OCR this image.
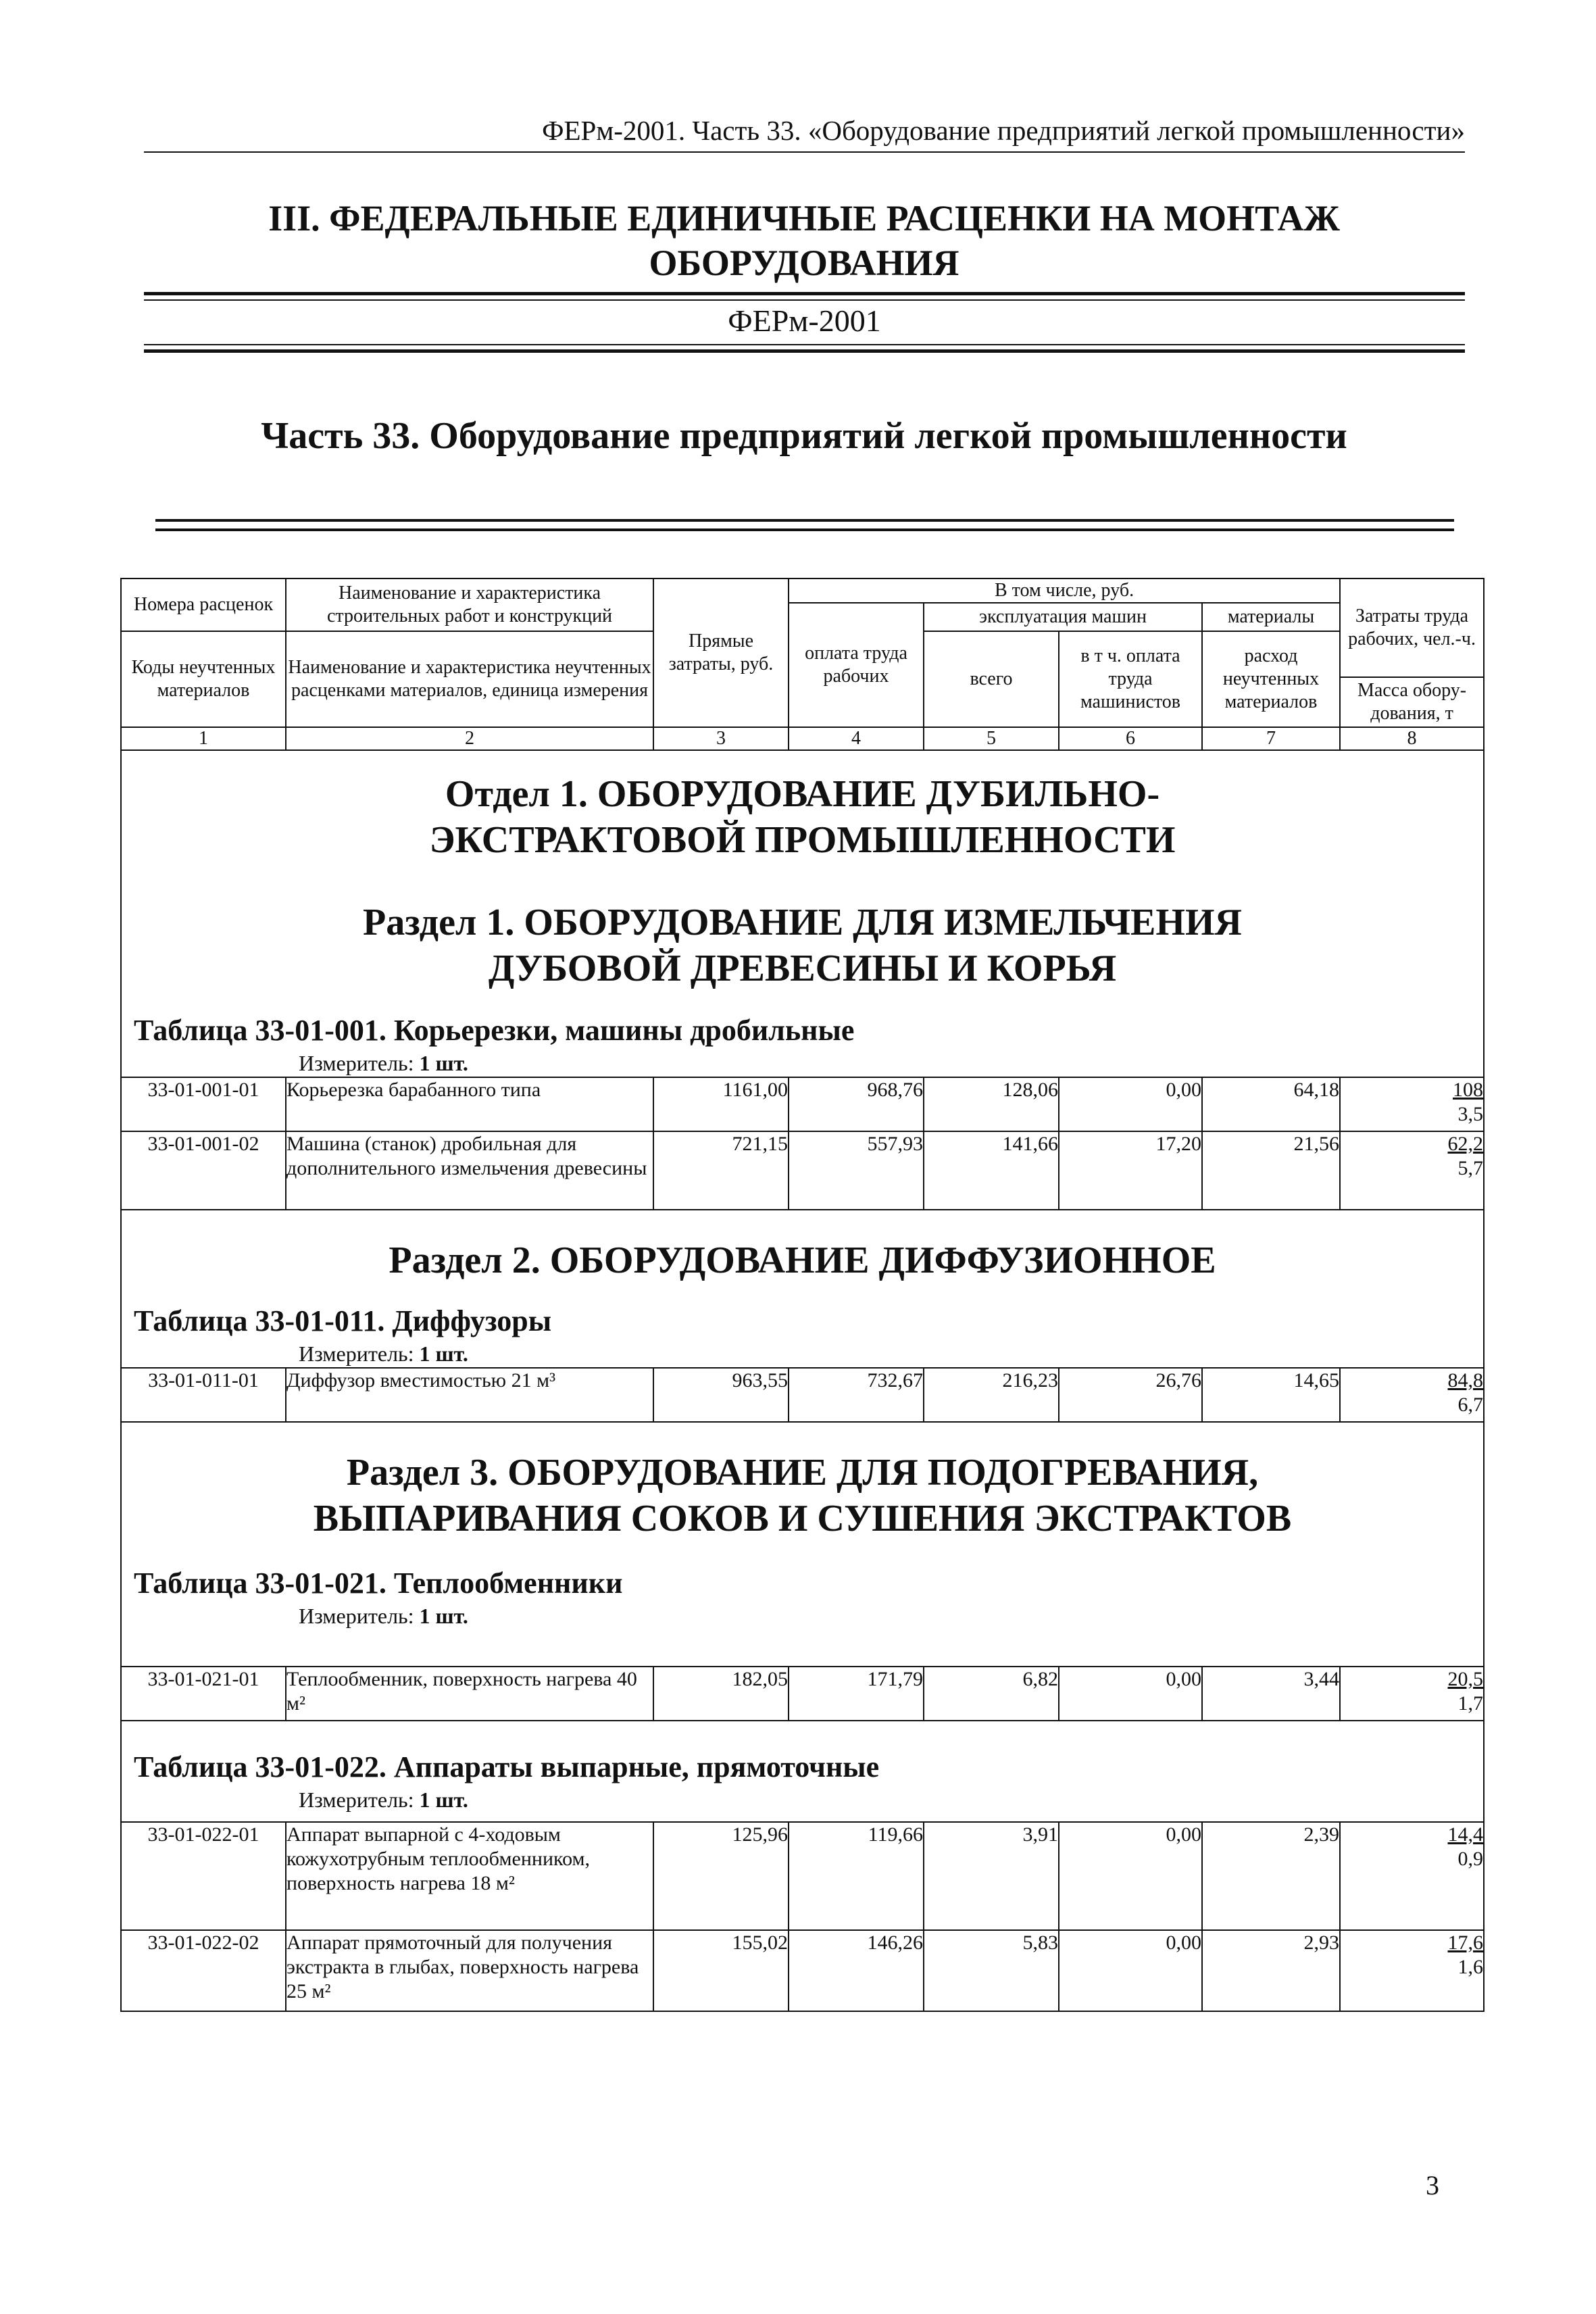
ФЕРм-2001. Часть 33. «Оборудование предприятий легкой промышленности»
III. ФЕДЕРАЛЬНЫЕ ЕДИНИЧНЫЕ РАСЦЕНКИ НА МОНТАЖ ОБОРУДОВАНИЯ
ФЕРм-2001
Часть 33. Оборудование предприятий легкой промышленности
Номера расценок	Наименование и характеристика строительных работ и конструкций	Прямые затраты, руб.	В том числе, руб.				Затраты труда рабочих, чел.-ч.
			оплата труда рабочих	эксплуатация машин		материалы	
Коды неучтенных материалов	Наименование и характеристика неучтенных расценками материалов, единица измерения			всего	в т ч. оплата труда машинистов	расход неучтенных материалов	
							Масса обору-дования, т
1	2	3	4	5	6	7	8

Отдел 1. ОБОРУДОВАНИЕ ДУБИЛЬНО-ЭКСТРАКТОВОЙ ПРОМЫШЛЕННОСТИ							

Раздел 1. ОБОРУДОВАНИЕ ДЛЯ ИЗМЕЛЬЧЕНИЯ ДУБОВОЙ ДРЕВЕСИНЫ И КОРЬЯ							

Таблица 33-01-001. Корьерезки, машины дробильные
Измеритель: 1 шт.							

33-01-001-01	Корьерезка барабанного типа	1161,00	968,76	128,06	0,00	64,18	108
3,5

33-01-001-02	Машина (станок) дробильная для дополнительного измельчения древесины	721,15	557,93	141,66	17,20	21,56	62,2
5,7

Раздел 2. ОБОРУДОВАНИЕ ДИФФУЗИОННОЕ
Таблица 33-01-011. Диффузоры
Измеритель: 1 шт.							

33-01-011-01	Диффузор вместимостью 21 м³	963,55	732,67	216,23	26,76	14,65	84,8
6,7

Раздел 3. ОБОРУДОВАНИЕ ДЛЯ ПОДОГРЕВАНИЯ, ВЫПАРИВАНИЯ СОКОВ И СУШЕНИЯ ЭКСТРАКТОВ
Таблица 33-01-021. Теплообменники
Измеритель: 1 шт.							

33-01-021-01	Теплообменник, поверхность нагрева 40 м²	182,05	171,79	6,82	0,00	3,44	20,5
1,7

Таблица 33-01-022. Аппараты выпарные, прямоточные
Измеритель: 1 шт.							

33-01-022-01	Аппарат выпарной с 4-ходовым кожухотрубным теплообменником, поверхность нагрева 18 м²	125,96	119,66	3,91	0,00	2,39	14,4
0,9

33-01-022-02	Аппарат прямоточный для получения экстракта в глыбах, поверхность нагрева 25 м²	155,02	146,26	5,83	0,00	2,93	17,6
1,6
3
